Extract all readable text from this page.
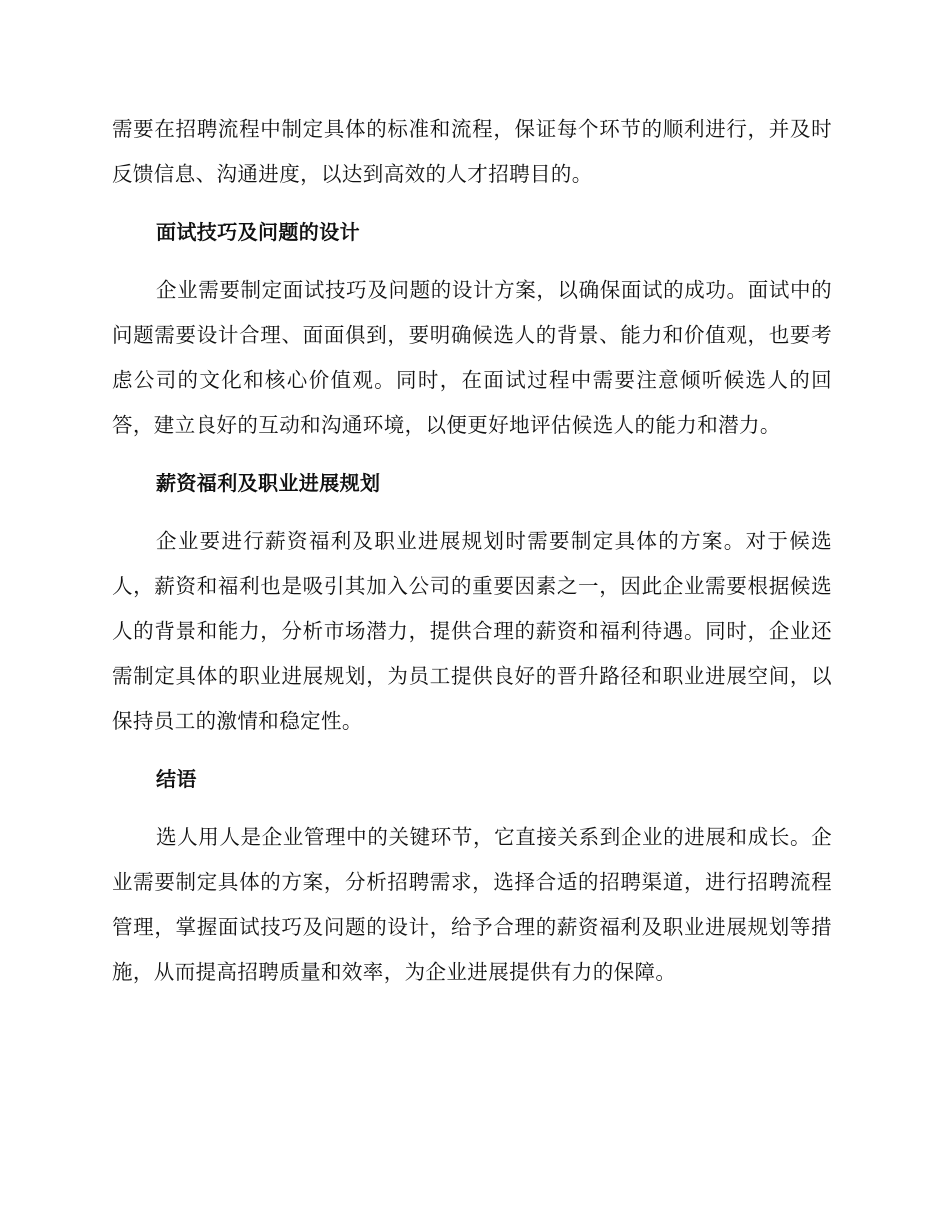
需要在招聘流程中制定具体的标准和流程，保证每个环节的顺利进行，并及时反馈信息、沟通进度，以达到高效的人才招聘目的。

面试技巧及问题的设计

企业需要制定面试技巧及问题的设计方案，以确保面试的成功。面试中的问题需要设计合理、面面俱到，要明确候选人的背景、能力和价值观，也要考虑公司的文化和核心价值观。同时，在面试过程中需要注意倾听候选人的回答，建立良好的互动和沟通环境，以便更好地评估候选人的能力和潜力。

薪资福利及职业进展规划

企业要进行薪资福利及职业进展规划时需要制定具体的方案。对于候选人，薪资和福利也是吸引其加入公司的重要因素之一，因此企业需要根据候选人的背景和能力，分析市场潜力，提供合理的薪资和福利待遇。同时，企业还需制定具体的职业进展规划，为员工提供良好的晋升路径和职业进展空间，以保持员工的激情和稳定性。

结语

选人用人是企业管理中的关键环节，它直接关系到企业的进展和成长。企业需要制定具体的方案，分析招聘需求，选择合适的招聘渠道，进行招聘流程管理，掌握面试技巧及问题的设计，给予合理的薪资福利及职业进展规划等措施，从而提高招聘质量和效率，为企业进展提供有力的保障。
